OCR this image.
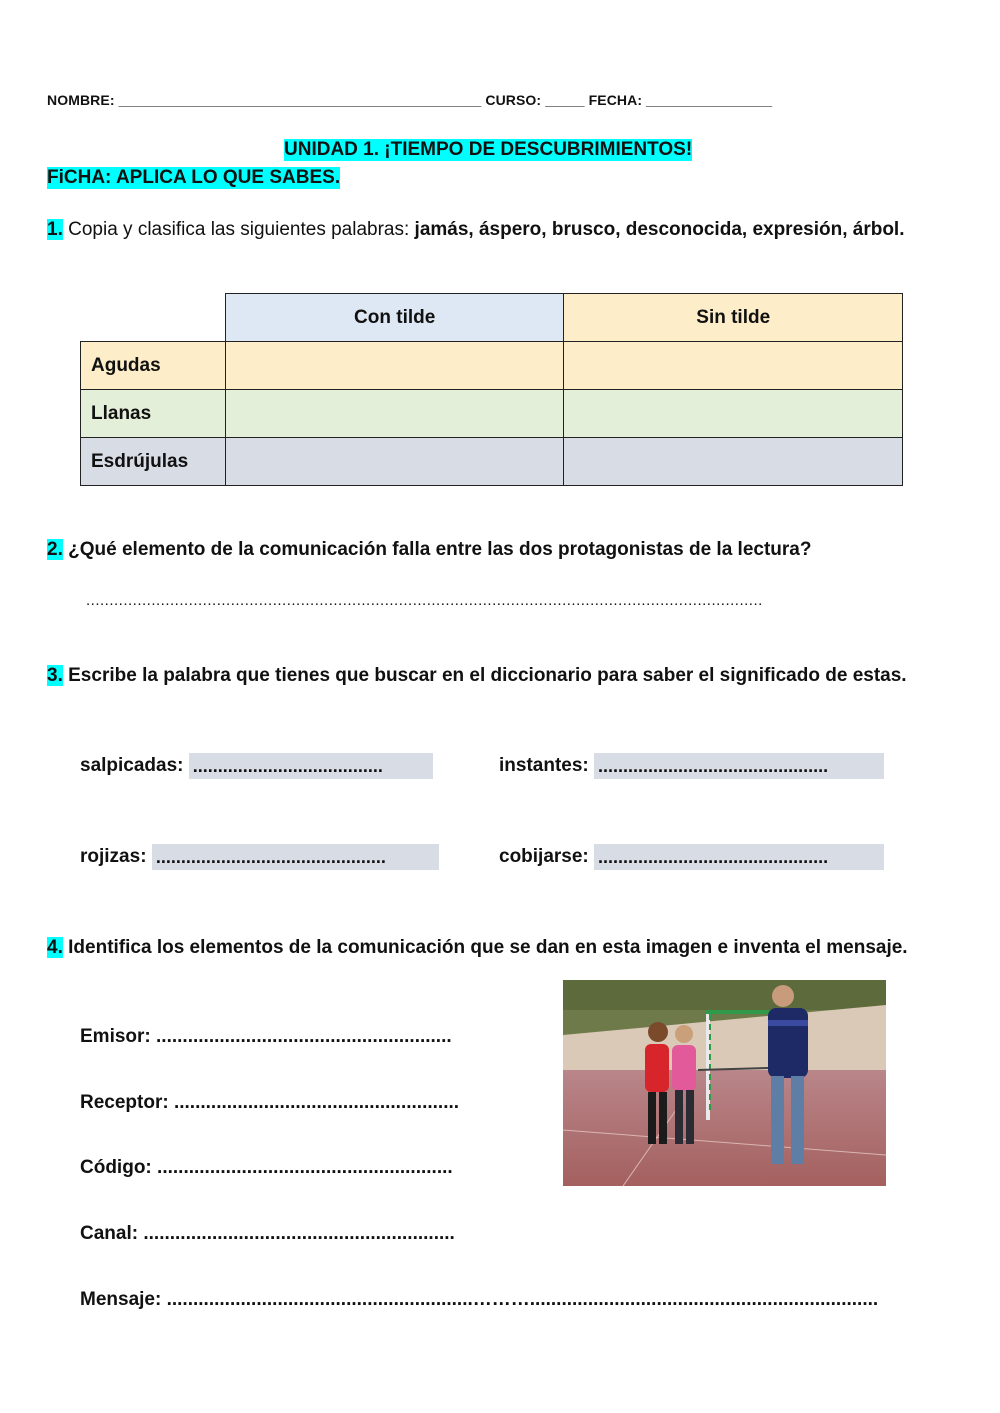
NOMBRE: ______________________________________________ CURSO: _____ FECHA: ________________
UNIDAD 1. ¡TIEMPO DE DESCUBRIMIENTOS!
FiCHA: APLICA LO QUE SABES.
1. Copia y clasifica las siguientes palabras: jamás, áspero, brusco, desconocida, expresión, árbol.
	Con tilde	Sin tilde
Agudas		
Llanas		
Esdrújulas		
2. ¿Qué elemento de la comunicación falla entre las dos protagonistas de la lectura?
.................................................................................................................................................
3. Escribe la palabra que tienes que buscar en el diccionario para saber el significado de estas.
salpicadas: ......................................	instantes: ..............................................
rojizas: ..............................................	cobijarse: ..............................................
4. Identifica los elementos de la comunicación que se dan en esta imagen e inventa el mensaje.
Emisor: ........................................................
Receptor: ......................................................
Código: ........................................................
Canal: ...........................................................
Mensaje: ..........................................................………..................................................................
